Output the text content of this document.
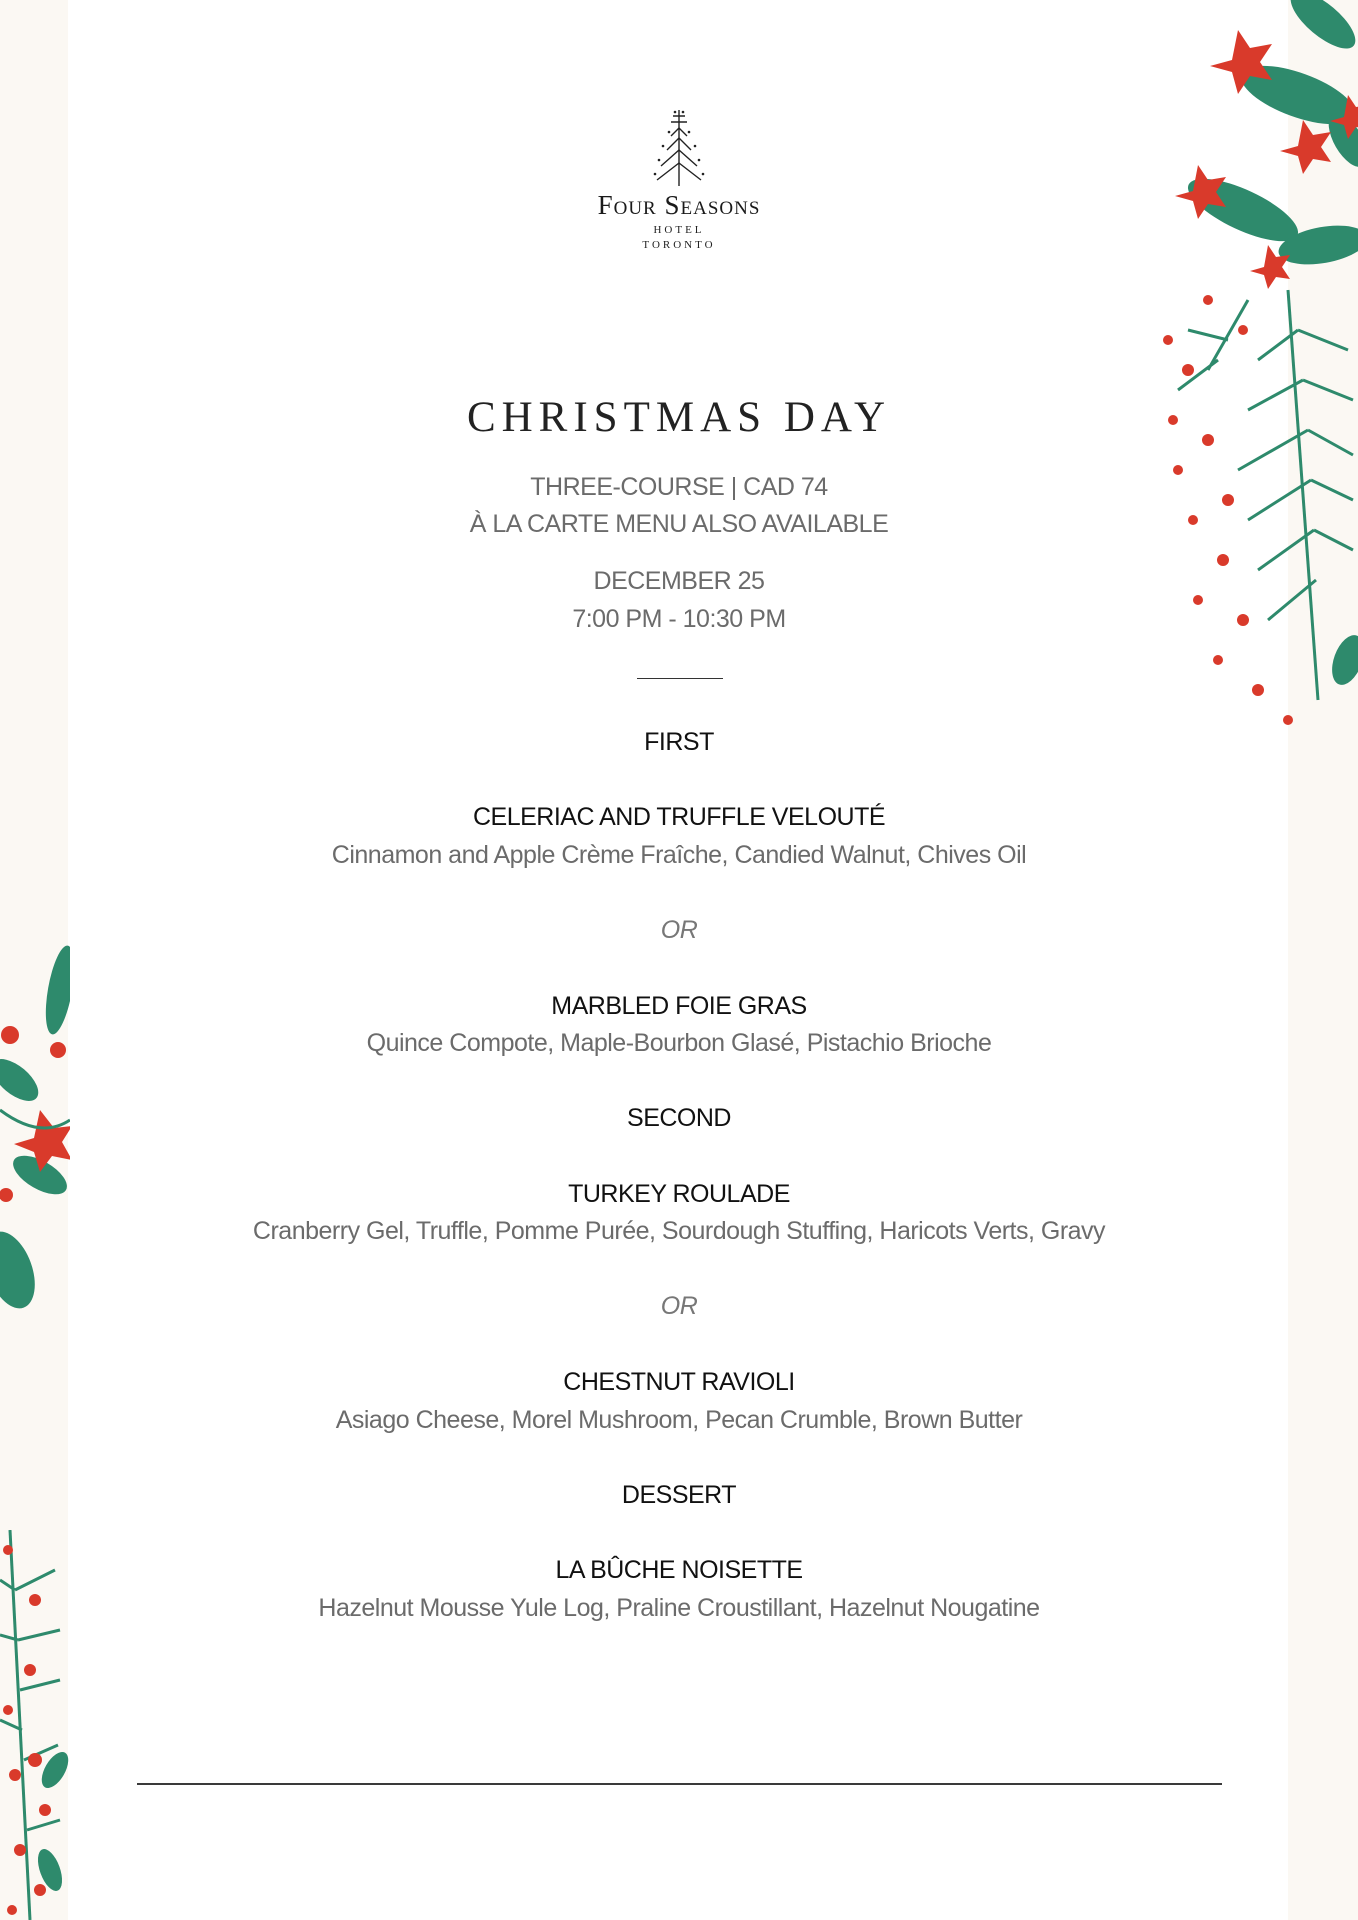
Four Seasons
HOTEL
TORONTO
CHRISTMAS DAY
THREE-COURSE | CAD 74
À LA CARTE MENU ALSO AVAILABLE
DECEMBER 25
7:00 PM - 10:30 PM
FIRST
CELERIAC AND TRUFFLE VELOUTÉ
Cinnamon and Apple Crème Fraîche, Candied Walnut, Chives Oil
OR
MARBLED FOIE GRAS
Quince Compote, Maple-Bourbon Glasé, Pistachio Brioche
SECOND
TURKEY ROULADE
Cranberry Gel, Truffle, Pomme Purée, Sourdough Stuffing, Haricots Verts, Gravy
OR
CHESTNUT RAVIOLI
Asiago Cheese, Morel Mushroom, Pecan Crumble, Brown Butter
DESSERT
LA BÛCHE NOISETTE
Hazelnut Mousse Yule Log, Praline Croustillant, Hazelnut Nougatine
